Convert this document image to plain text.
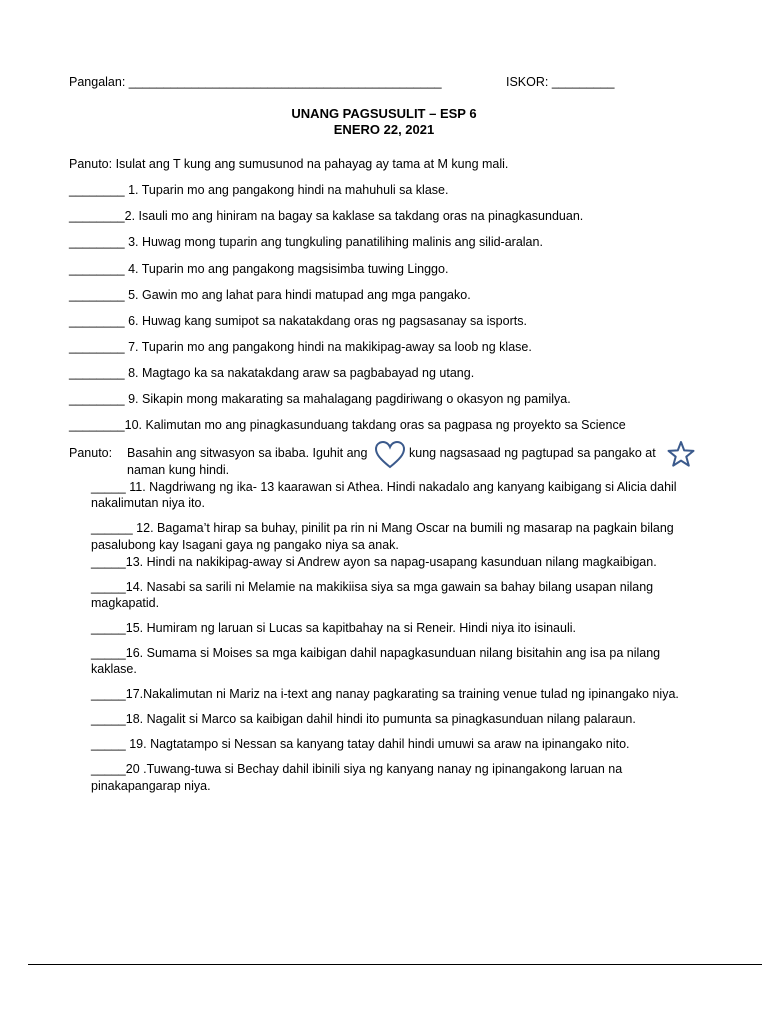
Pangalan: _____________________________________________	ISKOR: _________
UNANG PAGSUSULIT – ESP 6
ENERO 22, 2021
Panuto: Isulat ang T kung ang sumusunod na pahayag ay tama at M kung mali.
________ 1. Tuparin mo ang pangakong hindi na mahuhuli sa klase.
________2. Isauli mo ang hiniram na bagay sa kaklase sa takdang oras na pinagkasunduan.
________ 3. Huwag mong tuparin ang tungkuling panatilihing malinis ang silid-aralan.
________ 4. Tuparin mo ang pangakong magsisimba tuwing Linggo.
________ 5. Gawin mo ang lahat para hindi matupad ang mga pangako.
________ 6. Huwag kang sumipot sa nakatakdang oras ng pagsasanay sa isports.
________ 7. Tuparin mo ang pangakong hindi na makikipag-away sa loob ng klase.
________ 8. Magtago ka sa nakatakdang araw sa pagbabayad ng utang.
________ 9. Sikapin mong makarating sa mahalagang pagdiriwang o okasyon ng pamilya.
________10. Kalimutan mo ang pinagkasunduang takdang oras sa pagpasa ng proyekto sa Science
Panuto: Basahin ang sitwasyon sa ibaba. Iguhit ang	kung nagsasaad ng pagtupad sa pangako at
naman kung hindi.
_____ 11. Nagdriwang ng ika- 13 kaarawan si Athea. Hindi nakadalo ang kanyang kaibigang si Alicia dahil
nakalimutan niya ito.
______ 12. Bagama’t hirap sa buhay, pinilit pa rin ni Mang Oscar na bumili ng masarap na pagkain bilang
pasalubong kay Isagani gaya ng pangako niya sa anak.
_____13. Hindi na nakikipag-away si Andrew ayon sa napag-usapang kasunduan nilang magkaibigan.
_____14. Nasabi sa sarili ni Melamie na makikiisa siya sa mga gawain sa bahay bilang usapan nilang
magkapatid.
_____15. Humiram ng laruan si Lucas sa kapitbahay na si Reneir. Hindi niya ito isinauli.
_____16. Sumama si Moises sa mga kaibigan dahil napagkasunduan nilang bisitahin ang isa pa nilang
kaklase.
_____17.Nakalimutan ni Mariz na i-text ang nanay pagkarating sa training venue tulad ng ipinangako niya.
_____18. Nagalit si Marco sa kaibigan dahil hindi ito pumunta sa pinagkasunduan nilang palaraun.
_____ 19. Nagtatampo si Nessan sa kanyang tatay dahil hindi umuwi sa araw na ipinangako nito.
_____20 .Tuwang-tuwa si Bechay dahil ibinili siya ng kanyang nanay ng ipinangakong laruan na
pinakapangarap niya.
